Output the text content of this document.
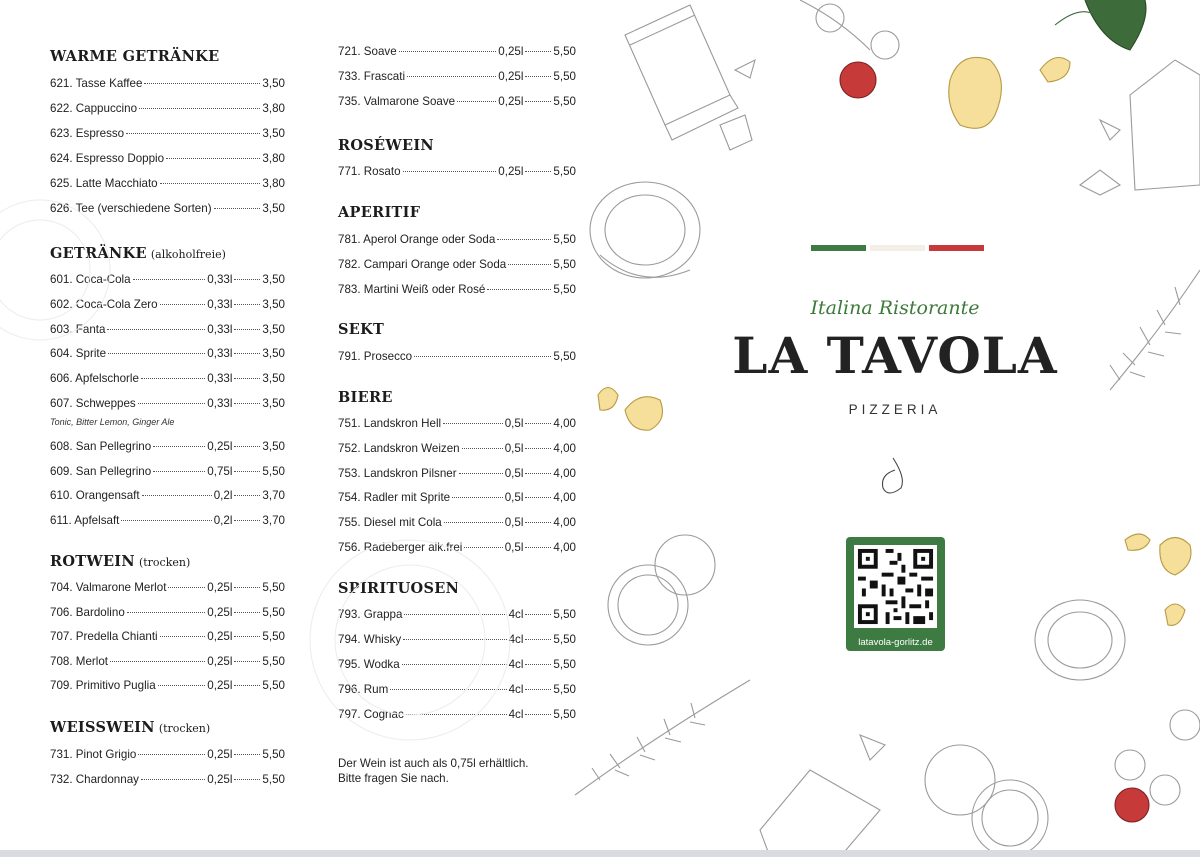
WARME GETRÄNKE
621. Tasse Kaffee	3,50
622. Cappuccino	3,80
623. Espresso	3,50
624. Espresso Doppio	3,80
625. Latte Macchiato	3,80
626. Tee (verschiedene Sorten)	3,50
GETRÄNKE (alkoholfreie)
601. Coca-Cola	0,33l	3,50
602. Coca-Cola Zero	0,33l	3,50
603. Fanta	0,33l	3,50
604. Sprite	0,33l	3,50
606. Apfelschorle	0,33l	3,50
607. Schweppes	0,33l	3,50
608. San Pellegrino	0,25l	3,50
609. San Pellegrino	0,75l	5,50
610. Orangensaft	0,2l	3,70
611. Apfelsaft	0,2l	3,70
Tonic, Bitter Lemon, Ginger Ale
ROTWEIN (trocken)
704. Valmarone Merlot	0,25l	5,50
706. Bardolino	0,25l	5,50
707. Predella Chianti	0,25l	5,50
708. Merlot	0,25l	5,50
709. Primitivo Puglia	0,25l	5,50
WEISSWEIN (trocken)
731. Pinot Grigio	0,25l	5,50
732. Chardonnay	0,25l	5,50
721. Soave	0,25l	5,50
733. Frascati	0,25l	5,50
735. Valmarone Soave	0,25l	5,50
ROSÉWEIN
771. Rosato	0,25l	5,50
APERITIF
781. Aperol Orange oder Soda	5,50
782. Campari Orange oder Soda	5,50
783. Martini Weiß oder Rosé	5,50
SEKT
791. Prosecco	5,50
BIERE
751. Landskron Hell	0,5l	4,00
752. Landskron Weizen	0,5l	4,00
753. Landskron Pilsner	0,5l	4,00
754. Radler mit Sprite	0,5l	4,00
755. Diesel mit Cola	0,5l	4,00
756. Radeberger alk.frei	0,5l	4,00
SPIRITUOSEN
793. Grappa	4cl	5,50
794. Whisky	4cl	5,50
795. Wodka	4cl	5,50
796. Rum	4cl	5,50
797. Cognac	4cl	5,50
Der Wein ist auch als 0,75l erhältlich.
Bitte fragen Sie nach.
Italina Ristorante
LA TAVOLA
PIZZERIA
latavola-gorlitz.de
